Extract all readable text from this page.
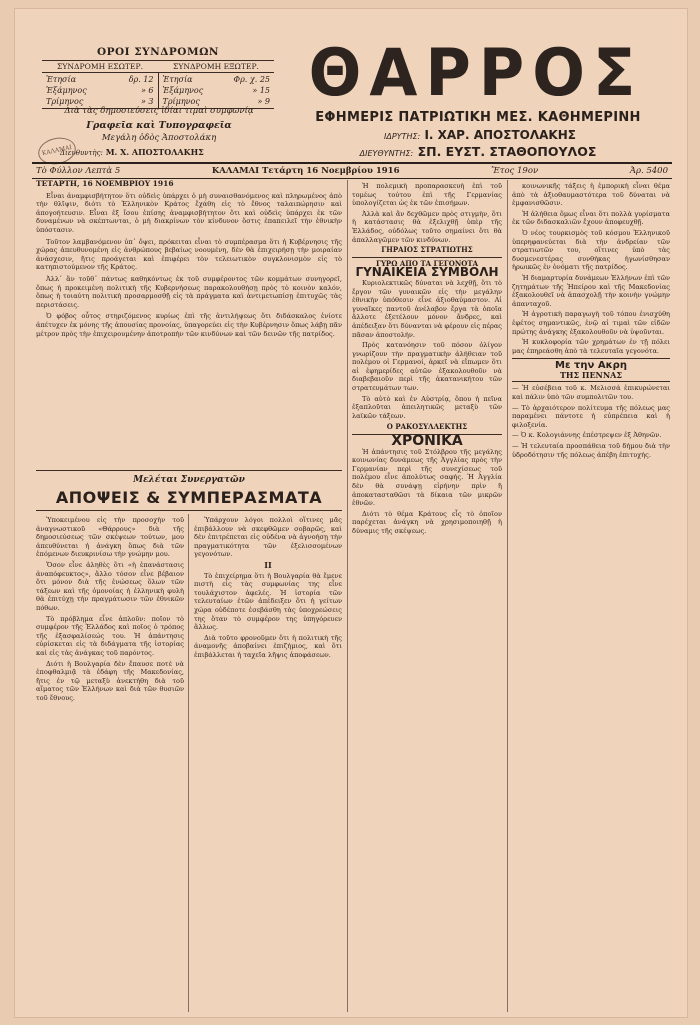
ΟΡΟΙ ΣΥΝΔΡΟΜΩΝ
ΣΥΝΔΡΟΜΗ ΕΣΩΤΕΡ.	ΣΥΝΔΡΟΜΗ ΕΞΩΤΕΡ.
Ἐτησία	δρ. 12
Ἑξάμηνος	» 6
Τρίμηνος	» 3
Ἐτησία	Φρ. χ. 25
Ἑξάμηνος	» 15
Τρίμηνος	» 9
Διὰ τὰς δημοσιεύσεις ἰδίαι τιμαὶ συμφωνίᾳ
Γραφεῖα καὶ Τυπογραφεῖα
Μεγάλη ὁδὸς Ἀποστολάκη
Διευθυντὴς: Μ. Χ. ΑΠΟΣΤΟΛΑΚΗΣ
ΚΑΛΑΜΑΙ
ΘΑΡΡΟΣ
ΕΦΗΜΕΡΙΣ ΠΑΤΡΙΩΤΙΚΗ ΜΕΣ. ΚΑΘΗΜΕΡΙΝΗ
ΙΔΡΥΤΗΣ: Ι. ΧΑΡ. ΑΠΟΣΤΟΛΑΚΗΣ
ΔΙΕΥΘΥΝΤΗΣ: ΣΠ. ΕΥΣΤ. ΣΤΑΘΟΠΟΥΛΟΣ
Τὸ Φύλλον Λεπτὰ 5	ΚΑΛΑΜΑΙ Τετάρτη 16 Νοεμβρίου 1916	Ἔτος 19ον	Ἀρ. 5400
ΤΕΤΑΡΤΗ, 16 ΝΟΕΜΒΡΙΟΥ 1916

Εἶναι ἀναμφισβήτητον ὅτι οὐδεὶς ὑπάρχει ὁ μὴ συναισθανόμενος καὶ πληρωμένος ἀπὸ τὴν θλῖψιν, διότι τὸ Ἑλληνικὸν Κράτος ἔχάθη εἰς τὸ ἔθνος ταλαιπώρησιν καὶ ἀπογοήτευσιν. Εἶναι ἐξ ἴσου ἐπίσης ἀναμφισβήτητον ὅτι καὶ οὐδεὶς ὑπάρχει ἐκ τῶν δυναμένων νὰ σκέπτωνται, ὁ μὴ διακρίνων τὸν κίνδυνον ὅστις ἐπαπειλεῖ τὴν ἐθνικὴν ὑπόστασιν.

Τοῦτον λαμβανόμενον ὑπ᾽ ὄψει, πρόκειται εἶναι τὸ συμπέρασμα ὅτι ἡ Κυβέρνησις τῆς χώρας ἀπευθυνομένη εἰς ἀνθρώπους βεβαίως νοουμένη, δὲν θὰ ἐπιχειρήσῃ τὴν μοιραίαν ἀνάσχεσιν, ἥτις προάγεται καὶ ἐπιφέρει τὸν τελειωτικὸν συγκλονισμὸν εἰς τὸ κατηπιστούμενον τῆς Κράτος.

Ἀλλ᾽ ἂν τοῦθ᾽ πάντως καθηκόντως ἐκ τοῦ συμφέροντος τῶν κομμάτων συνηγορεῖ, ὅπως ἡ προκειμένη πολιτικὴ τῆς Κυβερνήσεως παρακολουθήσῃ πρὸς τὸ κοινὸν καλόν, ὅπως ἡ τοιαύτη πολιτικὴ προσαρμοσθῇ εἰς τὰ πράγματα καὶ ἀντιμετωπίσῃ ἐπιτυχῶς τὰς περιστάσεις.

Ὁ φόβος οὗτος στηριζόμενος κυρίως ἐπὶ τῆς ἀντιλήψεως ὅτι διδάσκαλος ἐνίοτε ἀπέτυχεν ἐκ μόνης τῆς ἀπουσίας προνοίας, ὑπαγορεύει εἰς τὴν Κυβέρνησιν ὅπως λάβῃ πᾶν μέτρον πρὸς τὴν ἐπιχειρουμένην ἀποτροπὴν τῶν κινδύνων καὶ τῶν δεινῶν τῆς πατρίδος.

Μελέται Συνεργατῶν
ΑΠΟΨΕΙΣ & ΣΥΜΠΕΡΑΣΜΑΤΑ

Ὑποκειμένου εἰς τὴν προσοχὴν τοῦ ἀναγνωστικοῦ «Θάρρους» διὰ τῆς δημοσιεύσεως τῶν σκέψεων τούτων, μου ἀπευθύνεται ἡ ἀνάγκη ὅπως διὰ τῶν ἐπόμενων διευκρινίσω τὴν γνώμην μου.

Ὅσον εἶνε ἀληθὲς ὅτι «ἡ ἐπανάστασις ἀναπόφευκτος», ἄλλο τόσον εἶνε βέβαιον ὅτι μόνον διὰ τῆς ἐνώσεως ὅλων τῶν τάξεων καὶ τῆς ὁμονοίας ἡ ἑλληνικὴ φυλὴ θὰ ἐπιτύχῃ τὴν πραγμάτωσιν τῶν ἐθνικῶν πόθων.

Τὸ πρόβλημα εἶνε ἀπλοῦν: ποῖον τὸ συμφέρον τῆς Ἑλλάδος καὶ ποῖος ὁ τρόπος τῆς ἐξασφαλίσεώς του. Ἡ ἀπάντησις εὑρίσκεται εἰς τὰ διδάγματα τῆς ἱστορίας καὶ εἰς τὰς ἀνάγκας τοῦ παρόντος.

Διότι ἡ Βουλγαρία δὲν ἔπαυσε ποτὲ νὰ ἐποφθαλμιᾷ τὰ ἐδάφη τῆς Μακεδονίας, ἥτις ἐν τῷ μεταξὺ ἀνεκτήθη διὰ τοῦ αἵματος τῶν Ἑλλήνων καὶ διὰ τῶν θυσιῶν τοῦ ἔθνους.

Ὑπάρχουν λόγοι πολλοὶ οἵτινες μᾶς ἐπιβάλλουν νὰ σκεφθῶμεν σοβαρῶς, καὶ δὲν ἐπιτρέπεται εἰς οὐδένα νὰ ἀγνοήσῃ τὴν πραγματικότητα τῶν ἐξελισσομένων γεγονότων.

ΙΙ

Τὸ ἐπιχείρημα ὅτι ἡ Βουλγαρία θὰ ἔμενε πιστὴ εἰς τὰς συμφωνίας της εἶνε τουλάχιστον ἀφελές. Ἡ ἱστορία τῶν τελευταίων ἐτῶν ἀπέδειξεν ὅτι ἡ γείτων χώρα οὐδέποτε ἐσεβάσθη τὰς ὑποχρεώσεις της ὅταν τὸ συμφέρον της ὑπηγόρευεν ἄλλως.

Διὰ τοῦτο φρονοῦμεν ὅτι ἡ πολιτικὴ τῆς ἀναμονῆς ἀποβαίνει ἐπιζήμιος, καὶ ὅτι ἐπιβάλλεται ἡ ταχεῖα λῆψις ἀποφάσεων.

Ἡ πολεμικὴ προπαρασκευὴ ἐπὶ τοῦ τομέως τούτου ἐπὶ τῆς Γερμανίας ὑπολογίζεται ὡς ἐκ τῶν ἐπισήμων.

Ἀλλὰ καὶ ἂν δεχθῶμεν πρὸς στιγμὴν, ὅτι ἡ κατάστασις θὰ ἐξελιχθῇ ὑπὲρ τῆς Ἑλλάδος, οὐδόλως τοῦτο σημαίνει ὅτι θὰ ἀπαλλαγῶμεν τῶν κινδύνων.

ΓΗΡΑΙΟΣ ΣΤΡΑΤΙΩΤΗΣ
ΓΥΡΩ ΑΠΟ ΤΑ ΓΕΓΟΝΟΤΑ
ΓΥΝΑΙΚΕΙΑ ΣΥΜΒΟΛΗ

Κυριολεκτικῶς δύναται νὰ λεχθῇ, ὅτι τὸ ἔργον τῶν γυναικῶν εἰς τὴν μεγάλην ἐθνικὴν ὑπόθεσιν εἶνε ἀξιοθαύμαστον. Αἱ γυναῖκες παντοῦ ἀνέλαβον ἔργα τὰ ὁποῖα ἄλλοτε ἐξετέλουν μόνον ἄνδρες, καὶ ἀπέδειξαν ὅτι δύνανται νὰ φέρουν εἰς πέρας πᾶσαν ἀποστολήν.

Πρὸς κατανόησιν τοῦ πόσον ὀλίγον γνωρίζουν τὴν πραγματικὴν ἀλήθειαν τοῦ πολέμου οἱ Γερμανοί, ἀρκεῖ νὰ εἴπωμεν ὅτι αἱ ἐφημερίδες αὐτῶν ἐξακολουθοῦν νὰ διαβεβαιοῦν περὶ τῆς ἀκατανικήτου τῶν στρατευμάτων των.

Τὸ αὐτὸ καὶ ἐν Αὐστρίᾳ, ὅπου ἡ πεῖνα ἐξαπλοῦται ἀπειλητικῶς μεταξὺ τῶν λαϊκῶν τάξεων.

Ο ΡΑΚΟΣΥΛΛΕΚΤΗΣ
ΧΡΟΝΙΚΑ

Ἡ ἀπάντησις τοῦ Στόλβρου τῆς μεγάλης κοινωνίας δυνάμεως τῆς Ἀγγλίας πρὸς τὴν Γερμανίαν περὶ τῆς συνεχίσεως τοῦ πολέμου εἶνε ἀπολύτως σαφής. Ἡ Ἀγγλία δὲν θὰ συνάψῃ εἰρήνην πρὶν ἢ ἀποκατασταθῶσι τὰ δίκαια τῶν μικρῶν ἐθνῶν.

Διότι τὸ θέμα Κράτους εἶς τὸ ὁποῖον παρέχεται ἀνάγκη νὰ χρησιμοποιηθῇ ἡ δύναμις τῆς σκέψεως.

κοινωνικῆς τάξεις ἡ ἐμπορικὴ εἶναι θέμα ἀπὸ τὰ ἀξιοθαυμαστότερα τοῦ δύναται νὰ ἐμφανισθῶσιν.

Ἡ ἀλήθεια ὅμως εἶναι ὅτι πολλὰ γυρίσματα ἐκ τῶν διδασκαλιῶν ἔχουν ἀποφευχθῇ.

Ὁ νέος τουρκισμὸς τοῦ κόσμου Ἑλληνικοῦ ὑπερηφανεύεται διὰ τὴν ἀνδρείαν τῶν στρατιωτῶν του, οἵτινες ὑπὸ τὰς δυσμενεστέρας συνθήκας ἠγωνίσθησαν ἡρωικῶς ἐν ὀνόματι τῆς πατρίδος.

Ἡ διαμαρτυρία δυνάμεων Ἑλλήνων ἐπὶ τῶν ζητημάτων τῆς Ἠπείρου καὶ τῆς Μακεδονίας ἐξακολουθεῖ νὰ ἀπασχολῇ τὴν κοινὴν γνώμην ἀπανταχοῦ.

Ἡ ἀγροτικὴ παραγωγὴ τοῦ τόπου ἐνισχύθη ἐφέτος σημαντικῶς, ἐνῷ αἱ τιμαὶ τῶν εἰδῶν πρώτης ἀνάγκης ἐξακολουθοῦν νὰ ὑψοῦνται.

Ἡ κυκλοφορία τῶν χρημάτων ἐν τῇ πόλει μας ἐπηρεάσθη ἀπὸ τὰ τελευταῖα γεγονότα.

Με την Ακρη
ΤΗΣ ΠΕΝΝΑΣ

— Ἡ εὐσέβεια τοῦ κ. Μελισσά ἐπικυρώνεται καὶ πάλιν ὑπὸ τῶν συμπολιτῶν του.

— Τὸ ἀρχαιότερον πολίτευμα τῆς πόλεως μας παραμένει πάντοτε ἡ εὐπρέπεια καὶ ἡ φιλοξενία.

— Ὁ κ. Κολογιάννης ἐπέστρεψεν ἐξ Ἀθηνῶν.

— Ἡ τελευταία προσπάθεια τοῦ δήμου διὰ τὴν ὑδροδότησιν τῆς πόλεως ἀπέβη ἐπιτυχής.
